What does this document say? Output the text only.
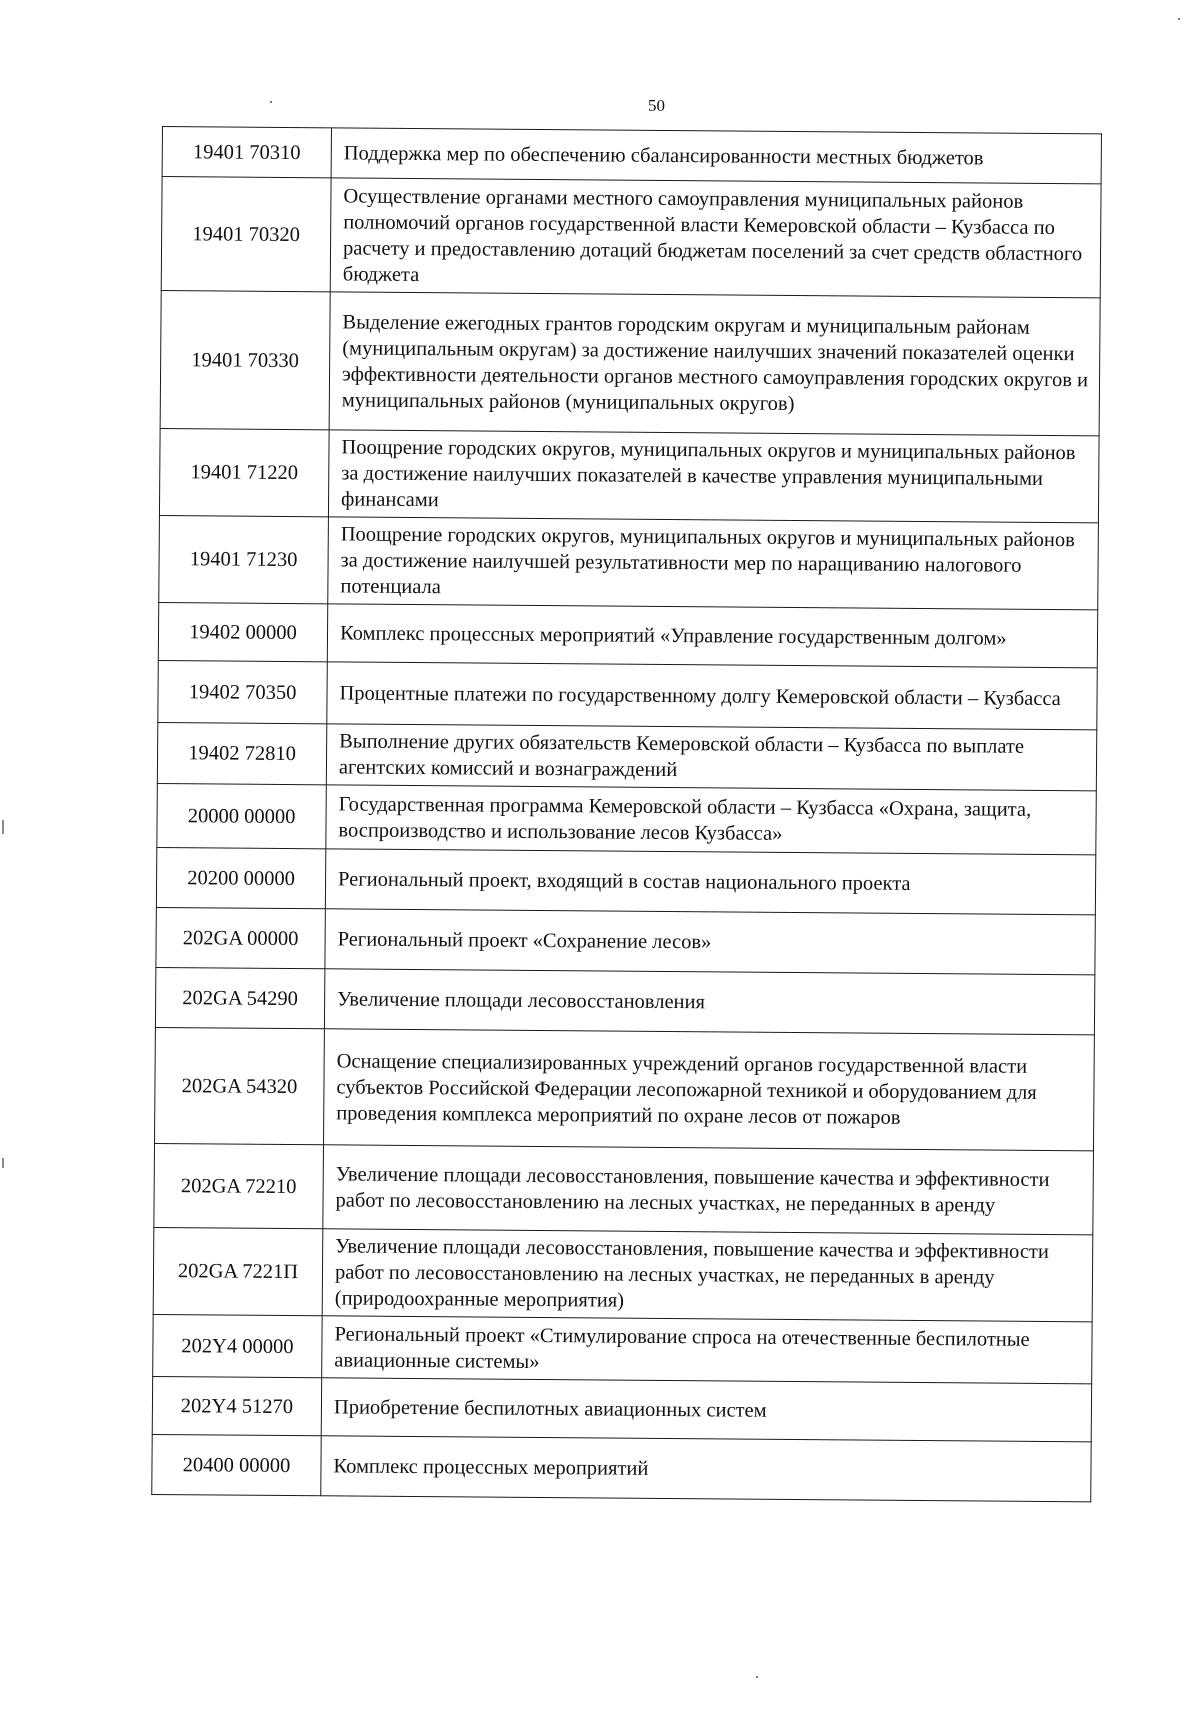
50
19401 70310	Поддержка мер по обеспечению сбалансированности местных бюджетов
19401 70320	Осуществление органами местного самоуправления муниципальных районов полномочий органов государственной власти Кемеровской области – Кузбасса по расчету и предоставлению дотаций бюджетам поселений за счет средств областного бюджета
19401 70330	Выделение ежегодных грантов городским округам и муниципальным районам (муниципальным округам) за достижение наилучших значений показателей оценки эффективности деятельности органов местного самоуправления городских округов и муниципальных районов (муниципальных округов)
19401 71220	Поощрение городских округов, муниципальных округов и муниципальных районов за достижение наилучших показателей в качестве управления муниципальными финансами
19401 71230	Поощрение городских округов, муниципальных округов и муниципальных районов за достижение наилучшей результативности мер по наращиванию налогового потенциала
19402 00000	Комплекс процессных мероприятий «Управление государственным долгом»
19402 70350	Процентные платежи по государственному долгу Кемеровской области – Кузбасса
19402 72810	Выполнение других обязательств Кемеровской области – Кузбасса по выплате агентских комиссий и вознаграждений
20000 00000	Государственная программа Кемеровской области – Кузбасса «Охрана, защита, воспроизводство и использование лесов Кузбасса»
20200 00000	Региональный проект, входящий в состав национального проекта
202GA 00000	Региональный проект «Сохранение лесов»
202GA 54290	Увеличение площади лесовосстановления
202GA 54320	Оснащение специализированных учреждений органов государственной власти субъектов Российской Федерации лесопожарной техникой и оборудованием для проведения комплекса мероприятий по охране лесов от пожаров
202GA 72210	Увеличение площади лесовосстановления, повышение качества и эффективности работ по лесовосстановлению на лесных участках, не переданных в аренду
202GA 7221П	Увеличение площади лесовосстановления, повышение качества и эффективности работ по лесовосстановлению на лесных участках, не переданных в аренду (природоохранные мероприятия)
202Y4 00000	Региональный проект «Стимулирование спроса на отечественные беспилотные авиационные системы»
202Y4 51270	Приобретение беспилотных авиационных систем
20400 00000	Комплекс процессных мероприятий
